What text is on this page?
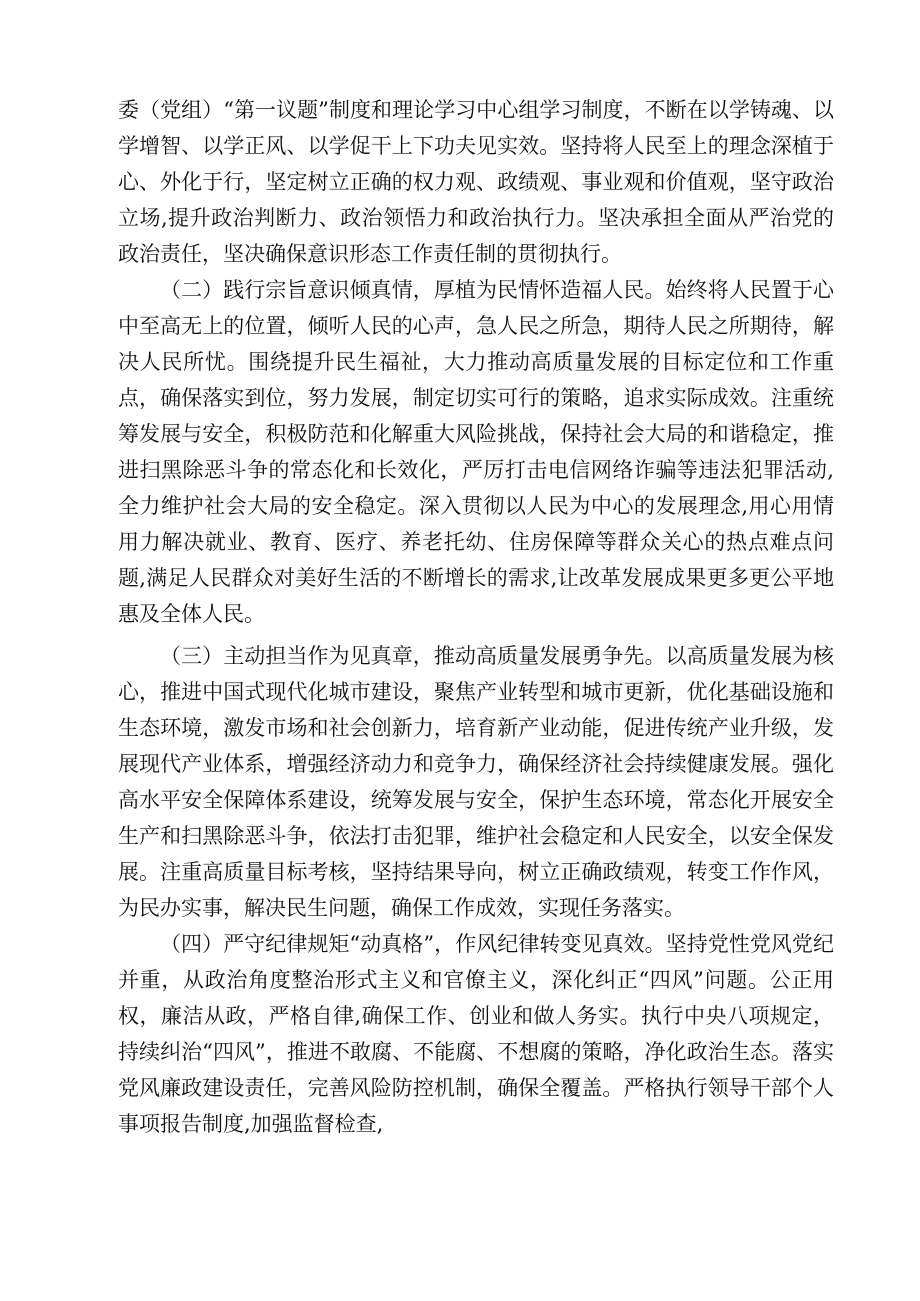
委（党组）“第一议题”制度和理论学习中心组学习制度，不断在以学铸魂、以学增智、以学正风、以学促干上下功夫见实效。坚持将人民至上的理念深植于心、外化于行，坚定树立正确的权力观、政绩观、事业观和价值观，坚守政治立场,提升政治判断力、政治领悟力和政治执行力。坚决承担全面从严治党的政治责任，坚决确保意识形态工作责任制的贯彻执行。

（二）践行宗旨意识倾真情，厚植为民情怀造福人民。始终将人民置于心中至高无上的位置，倾听人民的心声，急人民之所急，期待人民之所期待，解决人民所忧。围绕提升民生福祉，大力推动高质量发展的目标定位和工作重点，确保落实到位，努力发展，制定切实可行的策略，追求实际成效。注重统筹发展与安全，积极防范和化解重大风险挑战，保持社会大局的和谐稳定，推进扫黑除恶斗争的常态化和长效化，严厉打击电信网络诈骗等违法犯罪活动,全力维护社会大局的安全稳定。深入贯彻以人民为中心的发展理念,用心用情用力解决就业、教育、医疗、养老托幼、住房保障等群众关心的热点难点问题,满足人民群众对美好生活的不断增长的需求,让改革发展成果更多更公平地惠及全体人民。

（三）主动担当作为见真章，推动高质量发展勇争先。以高质量发展为核心，推进中国式现代化城市建设，聚焦产业转型和城市更新，优化基础设施和生态环境，激发市场和社会创新力，培育新产业动能，促进传统产业升级，发展现代产业体系，增强经济动力和竞争力，确保经济社会持续健康发展。强化高水平安全保障体系建设，统筹发展与安全，保护生态环境，常态化开展安全生产和扫黑除恶斗争，依法打击犯罪，维护社会稳定和人民安全，以安全保发展。注重高质量目标考核，坚持结果导向，树立正确政绩观，转变工作作风，为民办实事，解决民生问题，确保工作成效，实现任务落实。

（四）严守纪律规矩“动真格”，作风纪律转变见真效。坚持党性党风党纪并重，从政治角度整治形式主义和官僚主义，深化纠正“四风”问题。公正用权，廉洁从政，严格自律,确保工作、创业和做人务实。执行中央八项规定，持续纠治“四风”，推进不敢腐、不能腐、不想腐的策略，净化政治生态。落实党风廉政建设责任，完善风险防控机制，确保全覆盖。严格执行领导干部个人事项报告制度,加强监督检查,
